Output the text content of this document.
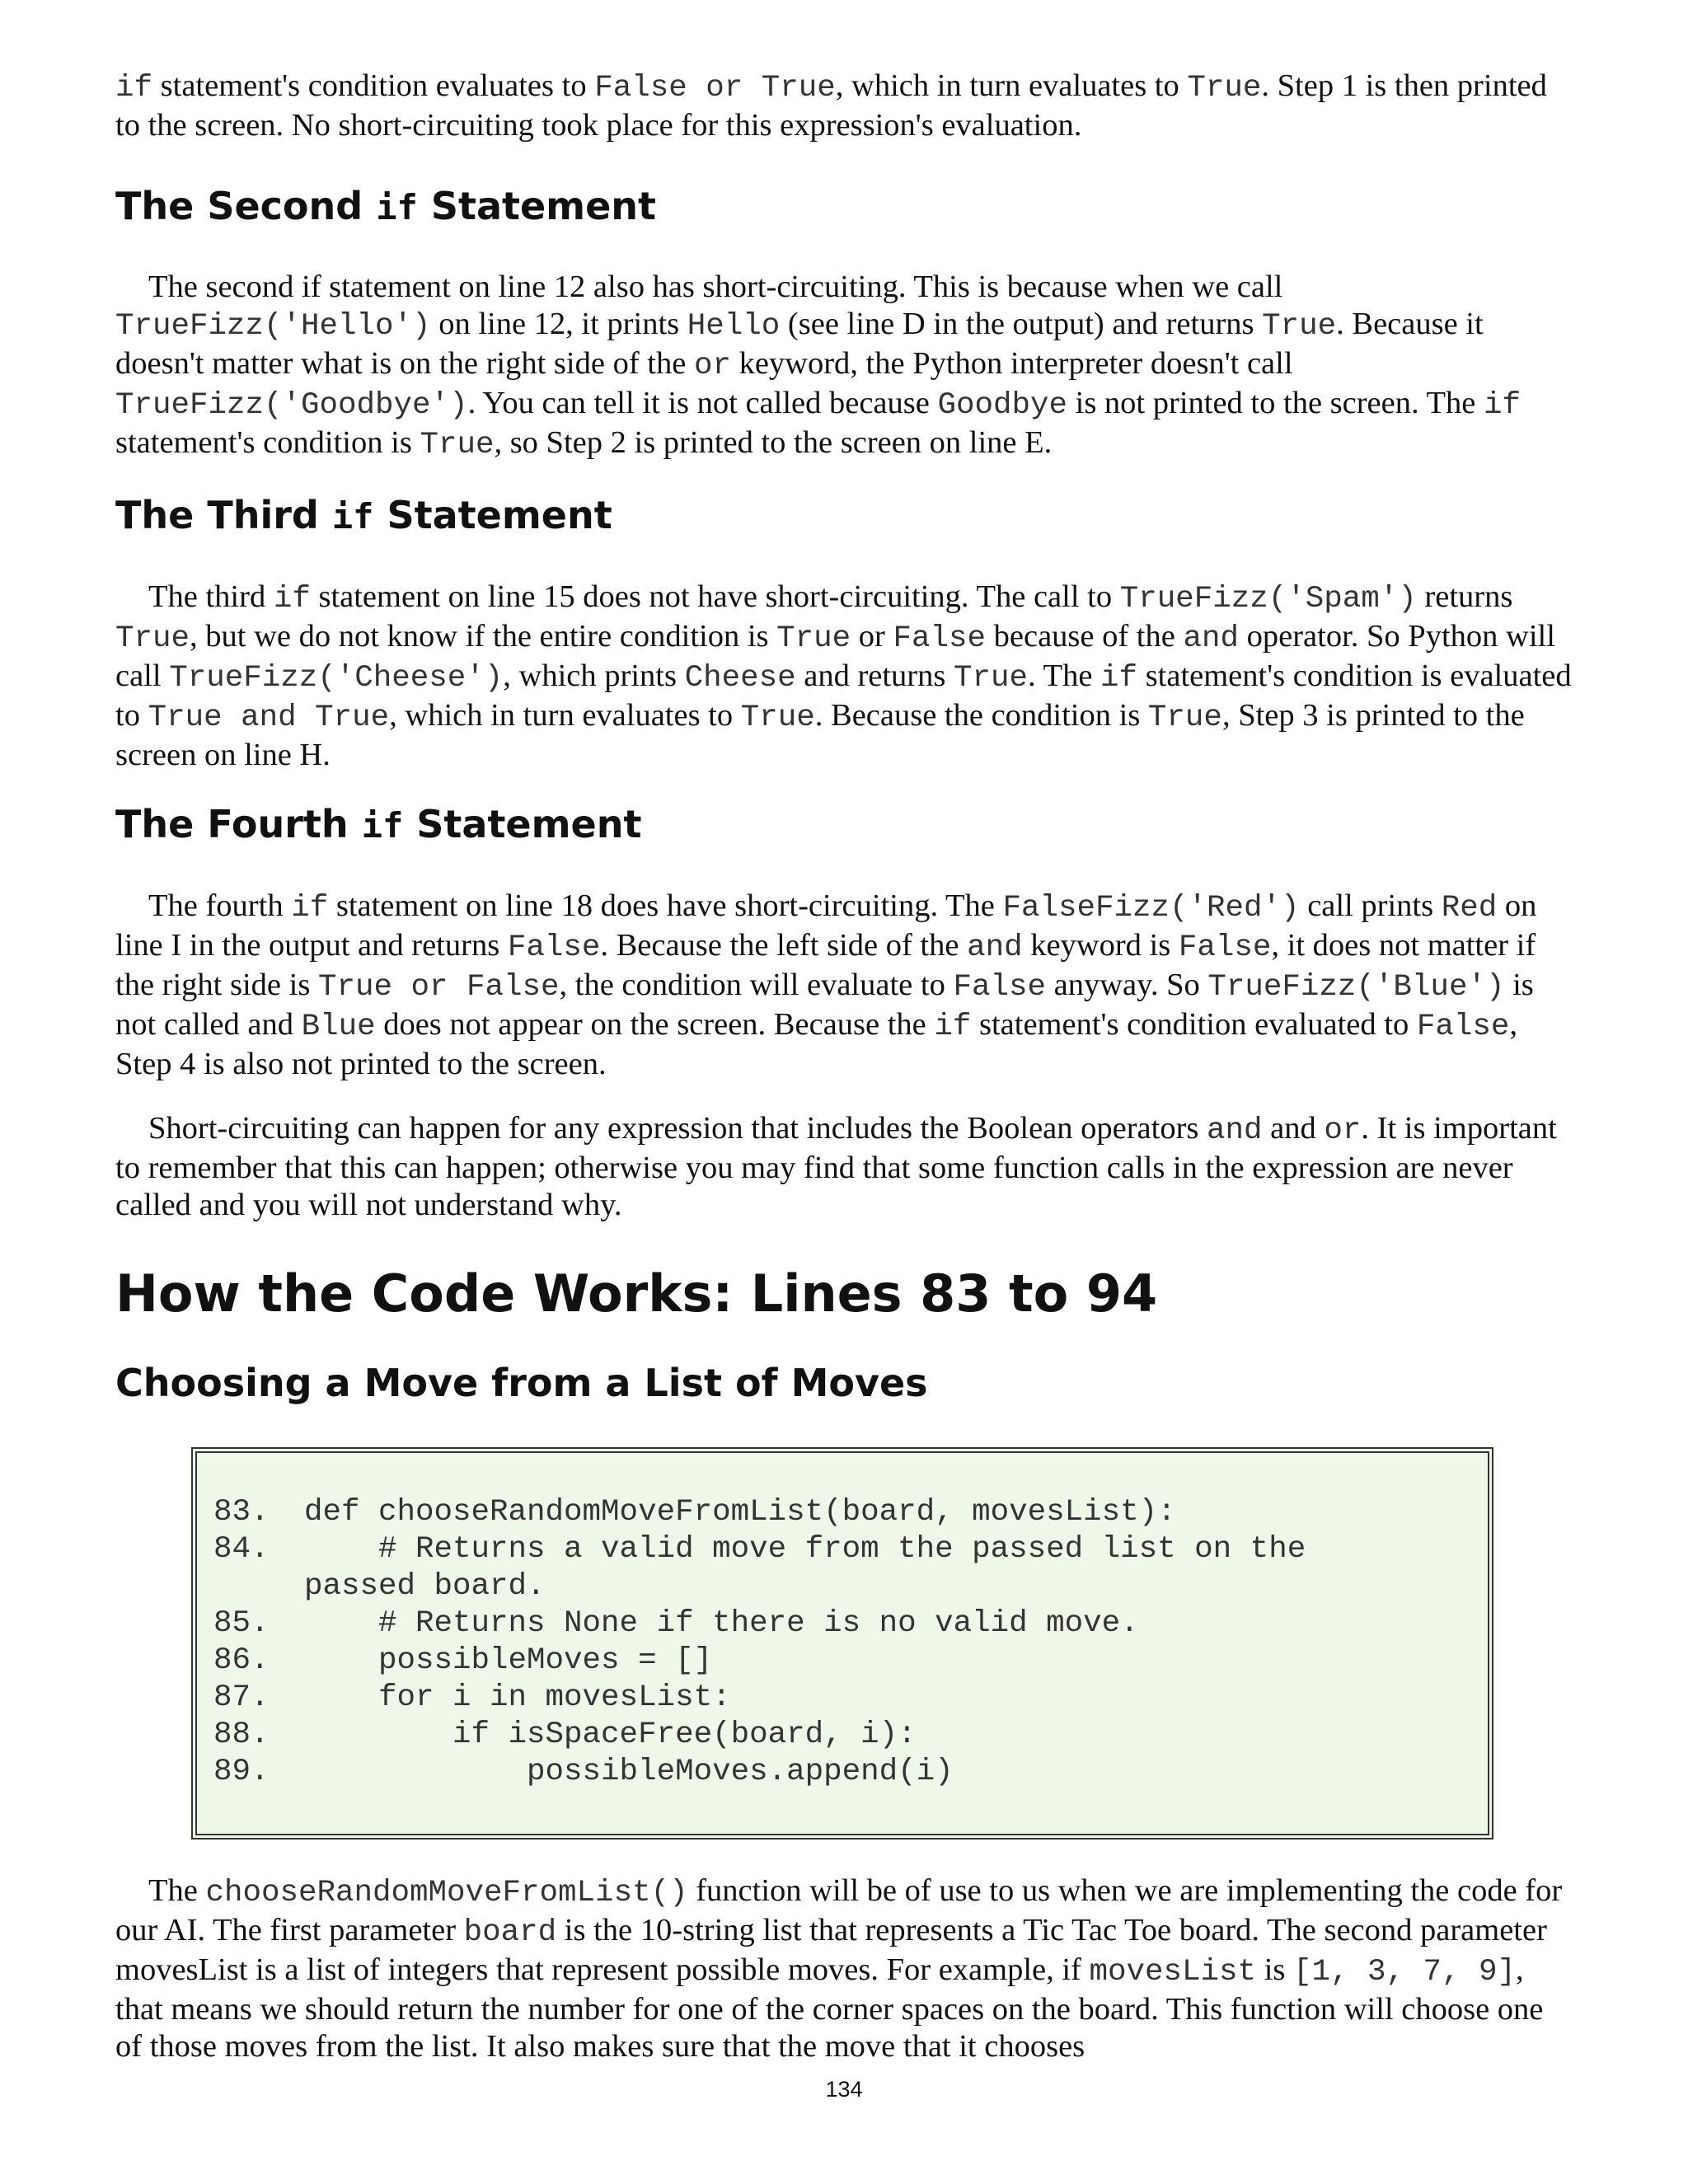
if statement's condition evaluates to False or True, which in turn evaluates to True. Step 1 is then printed to the screen. No short-circuiting took place for this expression's evaluation.

The Second if Statement

The second if statement on line 12 also has short-circuiting. This is because when we call TrueFizz('Hello') on line 12, it prints Hello (see line D in the output) and returns True. Because it doesn't matter what is on the right side of the or keyword, the Python interpreter doesn't call TrueFizz('Goodbye'). You can tell it is not called because Goodbye is not printed to the screen. The if statement's condition is True, so Step 2 is printed to the screen on line E.

The Third if Statement

The third if statement on line 15 does not have short-circuiting. The call to TrueFizz('Spam') returns True, but we do not know if the entire condition is True or False because of the and operator. So Python will call TrueFizz('Cheese'), which prints Cheese and returns True. The if statement's condition is evaluated to True and True, which in turn evaluates to True. Because the condition is True, Step 3 is printed to the screen on line H.

The Fourth if Statement

The fourth if statement on line 18 does have short-circuiting. The FalseFizz('Red') call prints Red on line I in the output and returns False. Because the left side of the and keyword is False, it does not matter if the right side is True or False, the condition will evaluate to False anyway. So TrueFizz('Blue') is not called and Blue does not appear on the screen. Because the if statement's condition evaluated to False, Step 4 is also not printed to the screen.

Short-circuiting can happen for any expression that includes the Boolean operators and and or. It is important to remember that this can happen; otherwise you may find that some function calls in the expression are never called and you will not understand why.

How the Code Works: Lines 83 to 94
Choosing a Move from a List of Moves
83. def chooseRandomMoveFromList(board, movesList):
84.    # Returns a valid move from the passed list on the
passed board.
85.    # Returns None if there is no valid move.
86.    possibleMoves = []
87.    for i in movesList:
88.        if isSpaceFree(board, i):
89.            possibleMoves.append(i)

The chooseRandomMoveFromList() function will be of use to us when we are implementing the code for our AI. The first parameter board is the 10-string list that represents a Tic Tac Toe board. The second parameter movesList is a list of integers that represent possible moves. For example, if movesList is [1, 3, 7, 9], that means we should return the number for one of the corner spaces on the board. This function will choose one of those moves from the list. It also makes sure that the move that it chooses

134
